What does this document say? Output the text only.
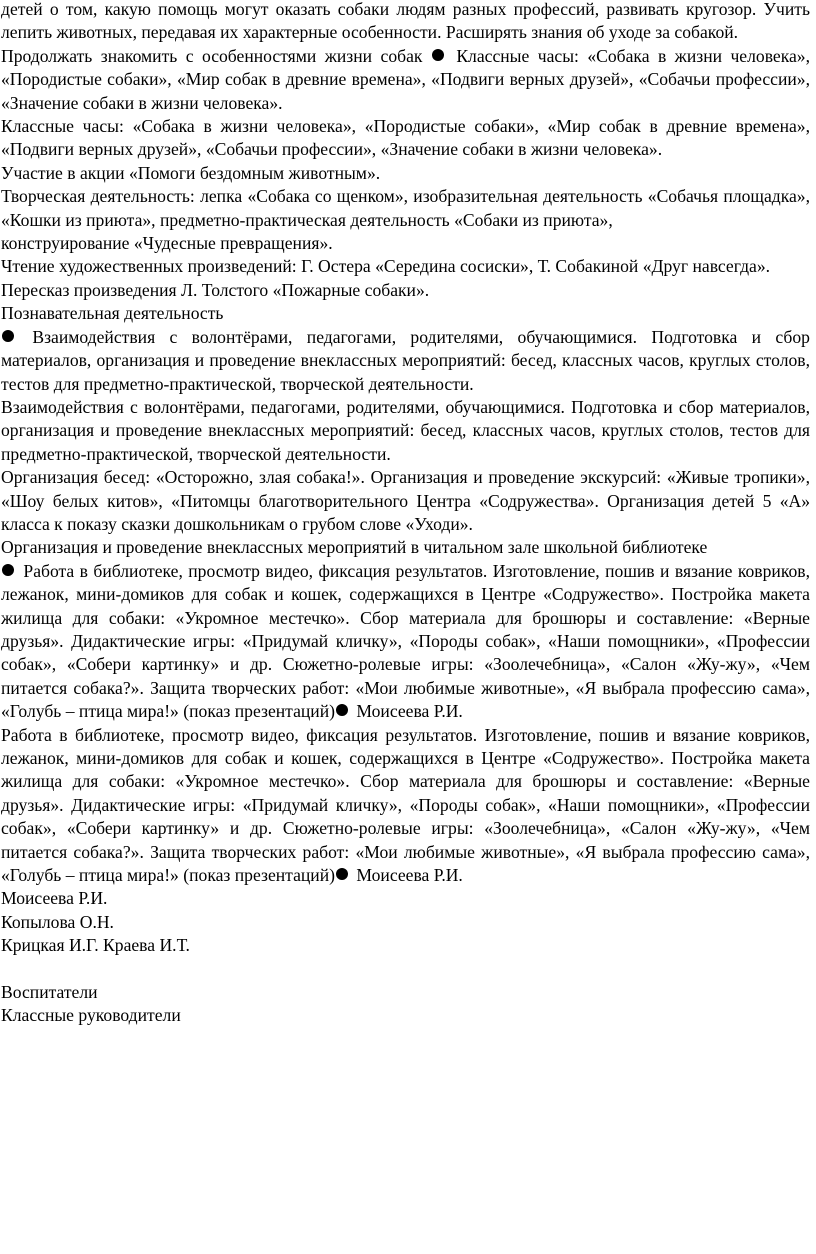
детей о том, какую помощь могут оказать собаки людям разных профессий, развивать кругозор. Учить лепить животных, передавая их характерные особенности. Расширять знания об уходе за собакой.

Продолжать знакомить с особенностями жизни собак Классные часы: «Собака в жизни человека», «Породистые собаки», «Мир собак в древние времена», «Подвиги верных друзей», «Собачьи профессии», «Значение собаки в жизни человека».

Классные часы: «Собака в жизни человека», «Породистые собаки», «Мир собак в древние времена», «Подвиги верных друзей», «Собачьи профессии», «Значение собаки в жизни человека».

Участие в акции «Помоги бездомным животным».

Творческая деятельность: лепка «Собака со щенком», изобразительная деятельность «Собачья площадка», «Кошки из приюта», предметно-практическая деятельность «Собаки из приюта»,

конструирование «Чудесные превращения».

Чтение художественных произведений: Г. Остера «Середина сосиски», Т. Собакиной «Друг навсегда».

Пересказ произведения Л. Толстого «Пожарные собаки».

Познавательная деятельность

Взаимодействия с волонтёрами, педагогами, родителями, обучающимися. Подготовка и сбор материалов, организация и проведение внеклассных мероприятий: бесед, классных часов, круглых столов, тестов для предметно-практической, творческой деятельности.

Взаимодействия с волонтёрами, педагогами, родителями, обучающимися. Подготовка и сбор материалов, организация и проведение внеклассных мероприятий: бесед, классных часов, круглых столов, тестов для предметно-практической, творческой деятельности.

Организация бесед: «Осторожно, злая собака!». Организация и проведение экскурсий: «Живые тропики», «Шоу белых китов», «Питомцы благотворительного Центра «Содружества». Организация детей 5 «А» класса к показу сказки дошкольникам о грубом слове «Уходи».

Организация и проведение внеклассных мероприятий в читальном зале школьной библиотеке

Работа в библиотеке, просмотр видео, фиксация результатов. Изготовление, пошив и вязание ковриков, лежанок, мини-домиков для собак и кошек, содержащихся в Центре «Содружество». Постройка макета жилища для собаки: «Укромное местечко». Сбор материала для брошюры и составление: «Верные друзья». Дидактические игры: «Придумай кличку», «Породы собак», «Наши помощники», «Профессии собак», «Собери картинку» и др. Сюжетно-ролевые игры: «Зоолечебница», «Салон «Жу-жу», «Чем питается собака?». Защита творческих работ: «Мои любимые животные», «Я выбрала профессию сама», «Голубь – птица мира!» (показ презентаций) Моисеева Р.И.

Работа в библиотеке, просмотр видео, фиксация результатов. Изготовление, пошив и вязание ковриков, лежанок, мини-домиков для собак и кошек, содержащихся в Центре «Содружество». Постройка макета жилища для собаки: «Укромное местечко». Сбор материала для брошюры и составление: «Верные друзья». Дидактические игры: «Придумай кличку», «Породы собак», «Наши помощники», «Профессии собак», «Собери картинку» и др. Сюжетно-ролевые игры: «Зоолечебница», «Салон «Жу-жу», «Чем питается собака?». Защита творческих работ: «Мои любимые животные», «Я выбрала профессию сама», «Голубь – птица мира!» (показ презентаций) Моисеева Р.И.

Моисеева Р.И.

Копылова О.Н.

Крицкая И.Г. Краева И.Т.

Воспитатели

Классные руководители
